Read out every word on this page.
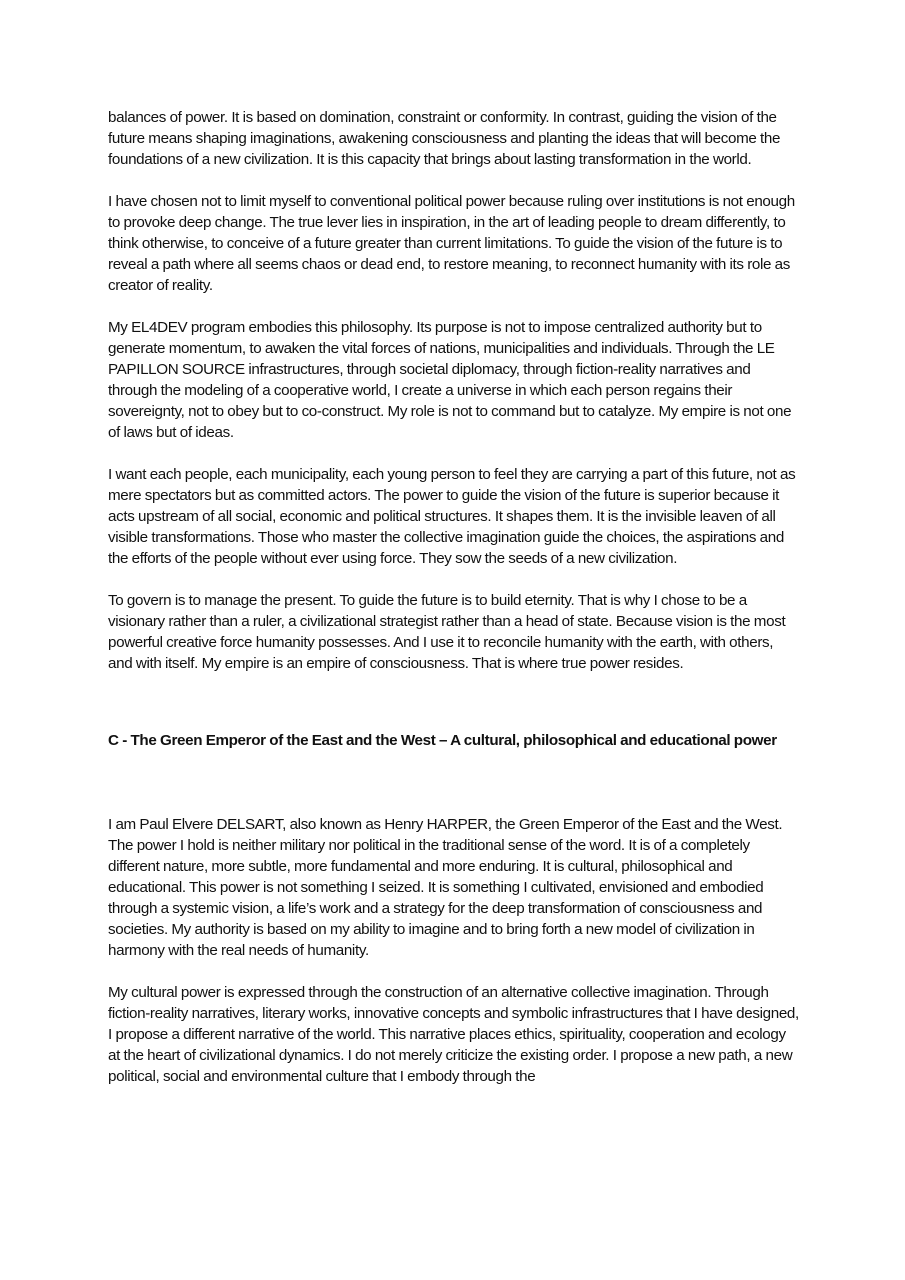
balances of power. It is based on domination, constraint or conformity. In contrast, guiding the vision of the future means shaping imaginations, awakening consciousness and planting the ideas that will become the foundations of a new civilization. It is this capacity that brings about lasting transformation in the world.

I have chosen not to limit myself to conventional political power because ruling over institutions is not enough to provoke deep change. The true lever lies in inspiration, in the art of leading people to dream differently, to think otherwise, to conceive of a future greater than current limitations. To guide the vision of the future is to reveal a path where all seems chaos or dead end, to restore meaning, to reconnect humanity with its role as creator of reality.

My EL4DEV program embodies this philosophy. Its purpose is not to impose centralized authority but to generate momentum, to awaken the vital forces of nations, municipalities and individuals. Through the LE PAPILLON SOURCE infrastructures, through societal diplomacy, through fiction-reality narratives and through the modeling of a cooperative world, I create a universe in which each person regains their sovereignty, not to obey but to co-construct. My role is not to command but to catalyze. My empire is not one of laws but of ideas.

I want each people, each municipality, each young person to feel they are carrying a part of this future, not as mere spectators but as committed actors. The power to guide the vision of the future is superior because it acts upstream of all social, economic and political structures. It shapes them. It is the invisible leaven of all visible transformations. Those who master the collective imagination guide the choices, the aspirations and the efforts of the people without ever using force. They sow the seeds of a new civilization.

To govern is to manage the present. To guide the future is to build eternity. That is why I chose to be a visionary rather than a ruler, a civilizational strategist rather than a head of state. Because vision is the most powerful creative force humanity possesses. And I use it to reconcile humanity with the earth, with others, and with itself. My empire is an empire of consciousness. That is where true power resides.

C - The Green Emperor of the East and the West – A cultural, philosophical and educational power

I am Paul Elvere DELSART, also known as Henry HARPER, the Green Emperor of the East and the West. The power I hold is neither military nor political in the traditional sense of the word. It is of a completely different nature, more subtle, more fundamental and more enduring. It is cultural, philosophical and educational. This power is not something I seized. It is something I cultivated, envisioned and embodied through a systemic vision, a life’s work and a strategy for the deep transformation of consciousness and societies. My authority is based on my ability to imagine and to bring forth a new model of civilization in harmony with the real needs of humanity.

My cultural power is expressed through the construction of an alternative collective imagination. Through fiction-reality narratives, literary works, innovative concepts and symbolic infrastructures that I have designed, I propose a different narrative of the world. This narrative places ethics, spirituality, cooperation and ecology at the heart of civilizational dynamics. I do not merely criticize the existing order. I propose a new path, a new political, social and environmental culture that I embody through the
